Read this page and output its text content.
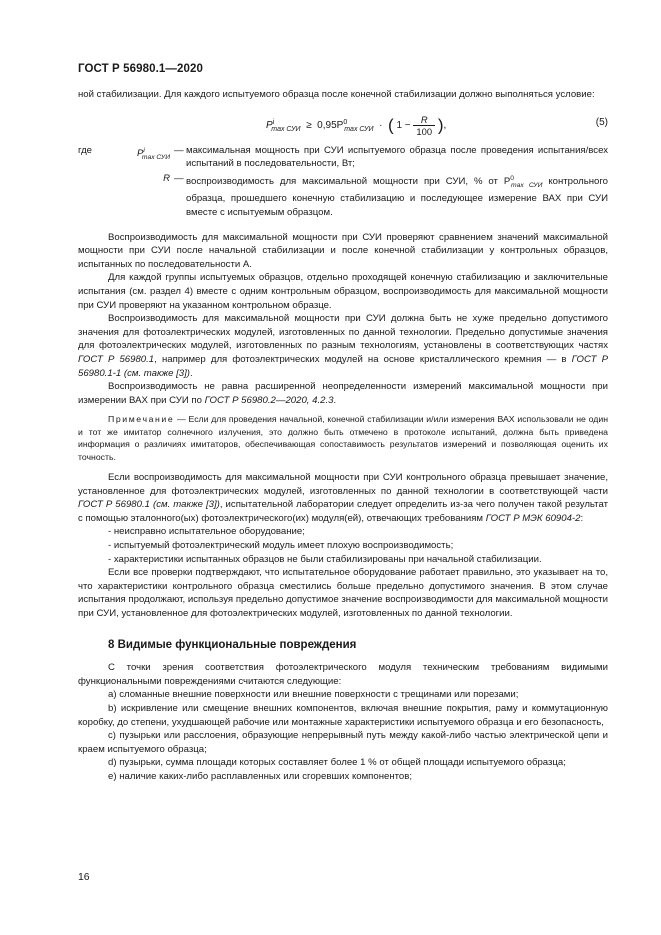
ГОСТ Р 56980.1—2020

ной стабилизации. Для каждого испытуемого образца после конечной стабилизации должно выполняться условие:

$P^i_{max СУИ} \ge 0,95P^0_{max СУИ}$ · ( $1 - \frac{R}{100}$ ),	(5)
где	$P^i_{max СУИ}$
— максимальная мощность при СУИ испытуемого образца после проведения испытания/всех испытаний в последовательности, Вт;
R — воспроизводимость для максимальной мощности при СУИ, % от $P^0_{max СУИ}$ контрольного образца, прошедшего конечную стабилизацию и последующее измерение ВАХ при СУИ вместе с испытуемым образцом.

Воспроизводимость для максимальной мощности при СУИ проверяют сравнением значений максимальной мощности при СУИ после начальной стабилизации и после конечной стабилизации у контрольных образцов, испытанных по последовательности А.

Для каждой группы испытуемых образцов, отдельно проходящей конечную стабилизацию и заключительные испытания (см. раздел 4) вместе с одним контрольным образцом, воспроизводимость для максимальной мощности при СУИ проверяют на указанном контрольном образце.

Воспроизводимость для максимальной мощности при СУИ должна быть не хуже предельно допустимого значения для фотоэлектрических модулей, изготовленных по данной технологии. Предельно допустимые значения для фотоэлектрических модулей, изготовленных по разным технологиям, установлены в соответствующих частях ГОСТ Р 56980.1, например для фотоэлектрических модулей на основе кристаллического кремния — в ГОСТ Р 56980.1-1 (см. также [3]).

Воспроизводимость не равна расширенной неопределенности измерений максимальной мощности при измерении ВАХ при СУИ по ГОСТ Р 56980.2—2020, 4.2.3.

Примечание — Если для проведения начальной, конечной стабилизации и/или измерения ВАХ использовали не один и тот же имитатор солнечного излучения, это должно быть отмечено в протоколе испытаний, должна быть приведена информация о различиях имитаторов, обеспечивающая сопоставимость результатов измерений и позволяющая оценить их точность.

Если воспроизводимость для максимальной мощности при СУИ контрольного образца превышает значение, установленное для фотоэлектрических модулей, изготовленных по данной технологии в соответствующей части ГОСТ Р 56980.1 (см. также [3]), испытательной лаборатории следует определить из-за чего получен такой результат с помощью эталонного(ых) фотоэлектрического(их) модуля(ей), отвечающих требованиям ГОСТ Р МЭК 60904-2:

- неисправно испытательное оборудование;

- испытуемый фотоэлектрический модуль имеет плохую воспроизводимость;

- характеристики испытанных образцов не были стабилизированы при начальной стабилизации.

Если все проверки подтверждают, что испытательное оборудование работает правильно, это указывает на то, что характеристики контрольного образца сместились больше предельно допустимого значения. В этом случае испытания продолжают, используя предельно допустимое значение воспроизводимости для максимальной мощности при СУИ, установленное для фотоэлектрических модулей, изготовленных по данной технологии.

8 Видимые функциональные повреждения

С точки зрения соответствия фотоэлектрического модуля техническим требованиям видимыми функциональными повреждениями считаются следующие:

а) сломанные внешние поверхности или внешние поверхности с трещинами или порезами;

b) искривление или смещение внешних компонентов, включая внешние покрытия, раму и коммутационную коробку, до степени, ухудшающей рабочие или монтажные характеристики испытуемого образца и его безопасность,

c) пузырьки или расслоения, образующие непрерывный путь между какой-либо частью электрической цепи и краем испытуемого образца;

d) пузырьки, сумма площади которых составляет более 1 % от общей площади испытуемого образца;

e) наличие каких-либо расплавленных или сгоревших компонентов;

16
